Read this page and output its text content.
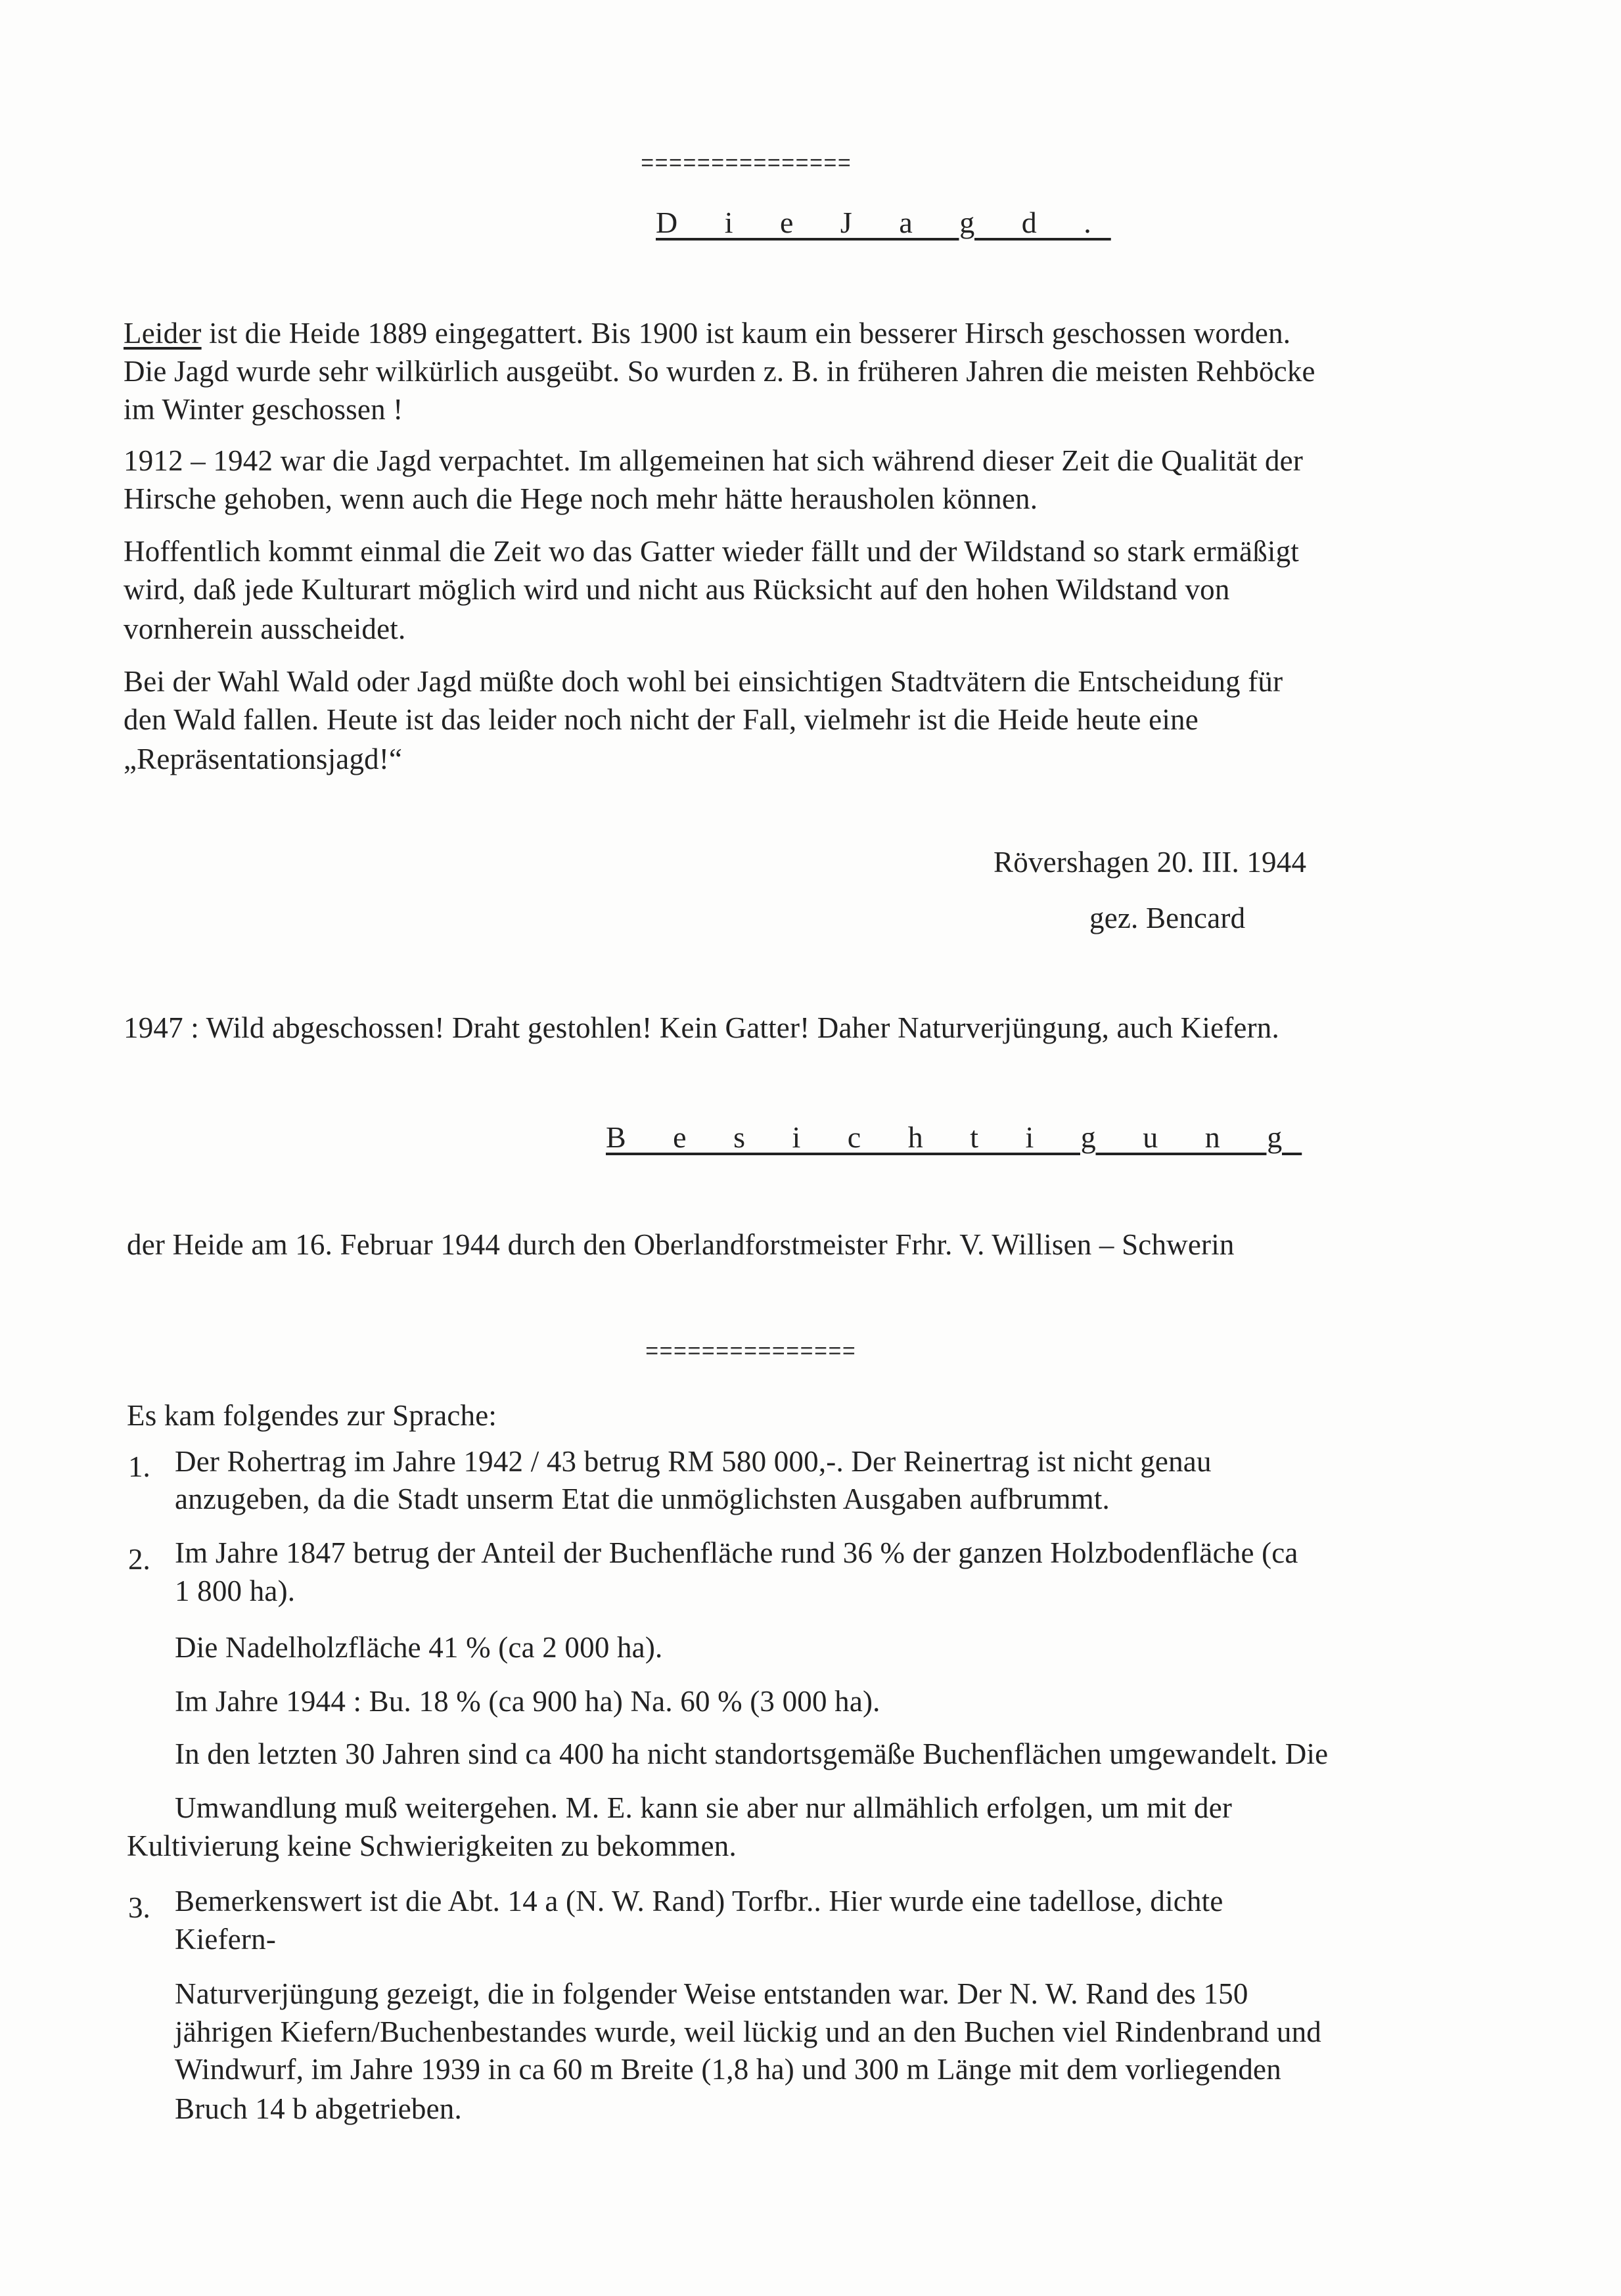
===============
D i e J a g d .
Leider ist die Heide 1889 eingegattert. Bis 1900 ist kaum ein besserer Hirsch geschossen worden.
Die Jagd wurde sehr wilkürlich ausgeübt. So wurden z. B. in früheren Jahren die meisten Rehböcke
im Winter geschossen !
1912 – 1942 war die Jagd verpachtet. Im allgemeinen hat sich während dieser Zeit die Qualität der
Hirsche gehoben, wenn auch die Hege noch mehr hätte herausholen können.
Hoffentlich kommt einmal die Zeit wo das Gatter wieder fällt und der Wildstand so stark ermäßigt
wird, daß jede Kulturart möglich wird und nicht aus Rücksicht auf den hohen Wildstand von
vornherein ausscheidet.
Bei der Wahl Wald oder Jagd müßte doch wohl bei einsichtigen Stadtvätern die Entscheidung für
den Wald fallen. Heute ist das leider noch nicht der Fall, vielmehr ist die Heide heute eine
„Repräsentationsjagd!“
Rövershagen 20. III. 1944
gez. Bencard
1947 : Wild abgeschossen! Draht gestohlen! Kein Gatter! Daher Naturverjüngung, auch Kiefern.
B e s i c h t i g u n g
der Heide am 16. Februar 1944 durch den Oberlandforstmeister Frhr. V. Willisen – Schwerin
===============
Es kam folgendes zur Sprache:
1. Der Rohertrag im Jahre 1942 / 43 betrug RM 580 000,-. Der Reinertrag ist nicht genau
anzugeben, da die Stadt unserm Etat die unmöglichsten Ausgaben aufbrummt.
2. Im Jahre 1847 betrug der Anteil der Buchenfläche rund 36 % der ganzen Holzbodenfläche (ca
1 800 ha).
Die Nadelholzfläche 41 % (ca 2 000 ha).
Im Jahre 1944 : Bu. 18 % (ca 900 ha) Na. 60 % (3 000 ha).
In den letzten 30 Jahren sind ca 400 ha nicht standortsgemäße Buchenflächen umgewandelt. Die
Umwandlung muß weitergehen. M. E. kann sie aber nur allmählich erfolgen, um mit der
Kultivierung keine Schwierigkeiten zu bekommen.
3. Bemerkenswert ist die Abt. 14 a (N. W. Rand) Torfbr.. Hier wurde eine tadellose, dichte
Kiefern-
Naturverjüngung gezeigt, die in folgender Weise entstanden war. Der N. W. Rand des 150
jährigen Kiefern/Buchenbestandes wurde, weil lückig und an den Buchen viel Rindenbrand und
Windwurf, im Jahre 1939 in ca 60 m Breite (1,8 ha) und 300 m Länge mit dem vorliegenden
Bruch 14 b abgetrieben.
